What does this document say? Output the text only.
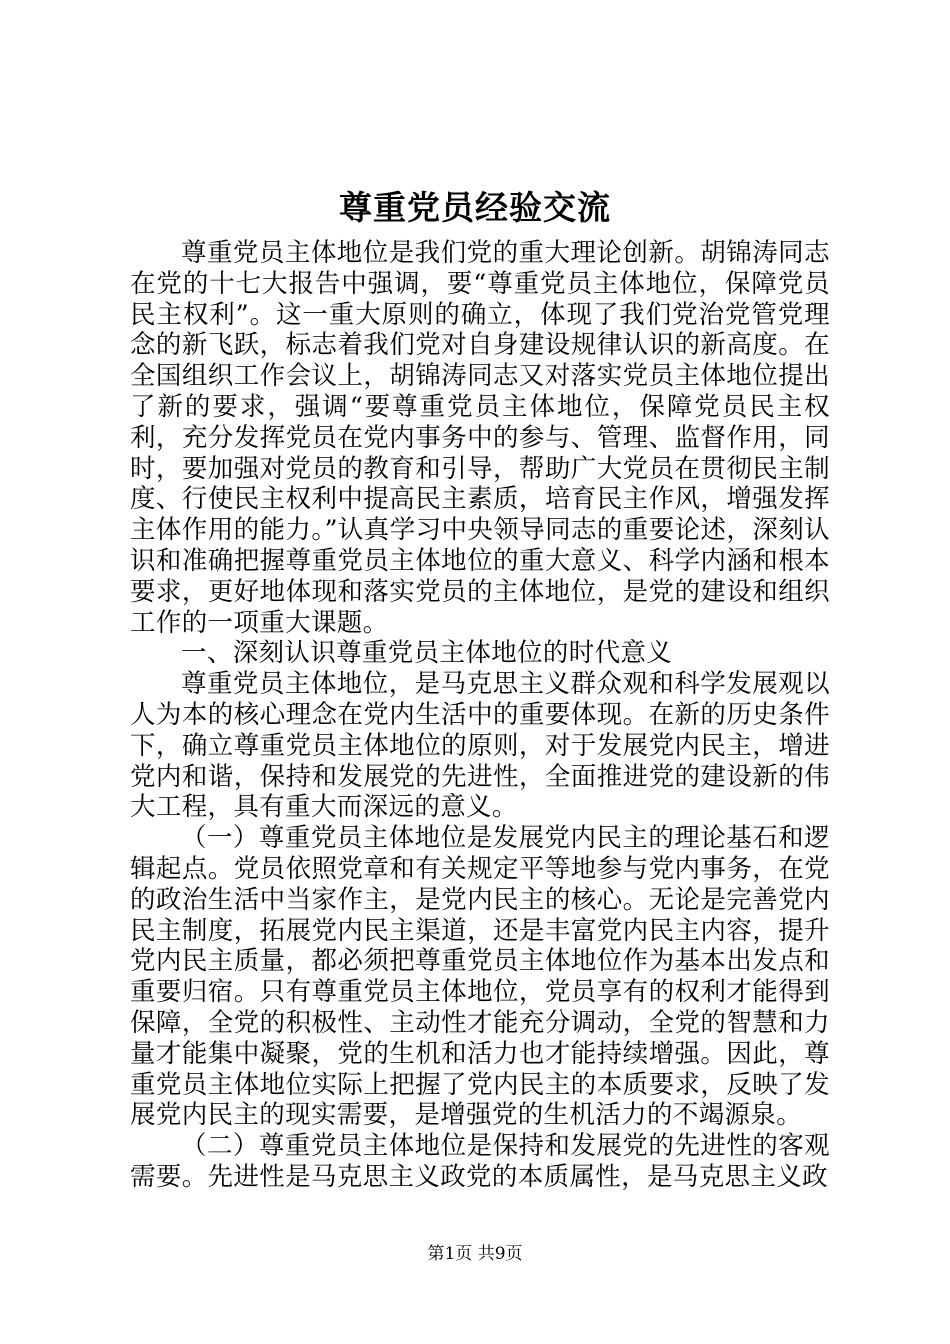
尊重党员经验交流

尊重党员主体地位是我们党的重大理论创新。胡锦涛同志在党的十七大报告中强调，要“尊重党员主体地位，保障党员民主权利”。这一重大原则的确立，体现了我们党治党管党理念的新飞跃，标志着我们党对自身建设规律认识的新高度。在全国组织工作会议上，胡锦涛同志又对落实党员主体地位提出了新的要求，强调“要尊重党员主体地位，保障党员民主权利，充分发挥党员在党内事务中的参与、管理、监督作用，同时，要加强对党员的教育和引导，帮助广大党员在贯彻民主制度、行使民主权利中提高民主素质，培育民主作风，增强发挥主体作用的能力。”认真学习中央领导同志的重要论述，深刻认识和准确把握尊重党员主体地位的重大意义、科学内涵和根本要求，更好地体现和落实党员的主体地位，是党的建设和组织工作的一项重大课题。

一、深刻认识尊重党员主体地位的时代意义

尊重党员主体地位，是马克思主义群众观和科学发展观以人为本的核心理念在党内生活中的重要体现。在新的历史条件下，确立尊重党员主体地位的原则，对于发展党内民主，增进党内和谐，保持和发展党的先进性，全面推进党的建设新的伟大工程，具有重大而深远的意义。

（一）尊重党员主体地位是发展党内民主的理论基石和逻辑起点。党员依照党章和有关规定平等地参与党内事务，在党的政治生活中当家作主，是党内民主的核心。无论是完善党内民主制度，拓展党内民主渠道，还是丰富党内民主内容，提升党内民主质量，都必须把尊重党员主体地位作为基本出发点和重要归宿。只有尊重党员主体地位，党员享有的权利才能得到保障，全党的积极性、主动性才能充分调动，全党的智慧和力量才能集中凝聚，党的生机和活力也才能持续增强。因此，尊重党员主体地位实际上把握了党内民主的本质要求，反映了发展党内民主的现实需要，是增强党的生机活力的不竭源泉。

（二）尊重党员主体地位是保持和发展党的先进性的客观需要。先进性是马克思主义政党的本质属性，是马克思主义政

第1页 共9页
